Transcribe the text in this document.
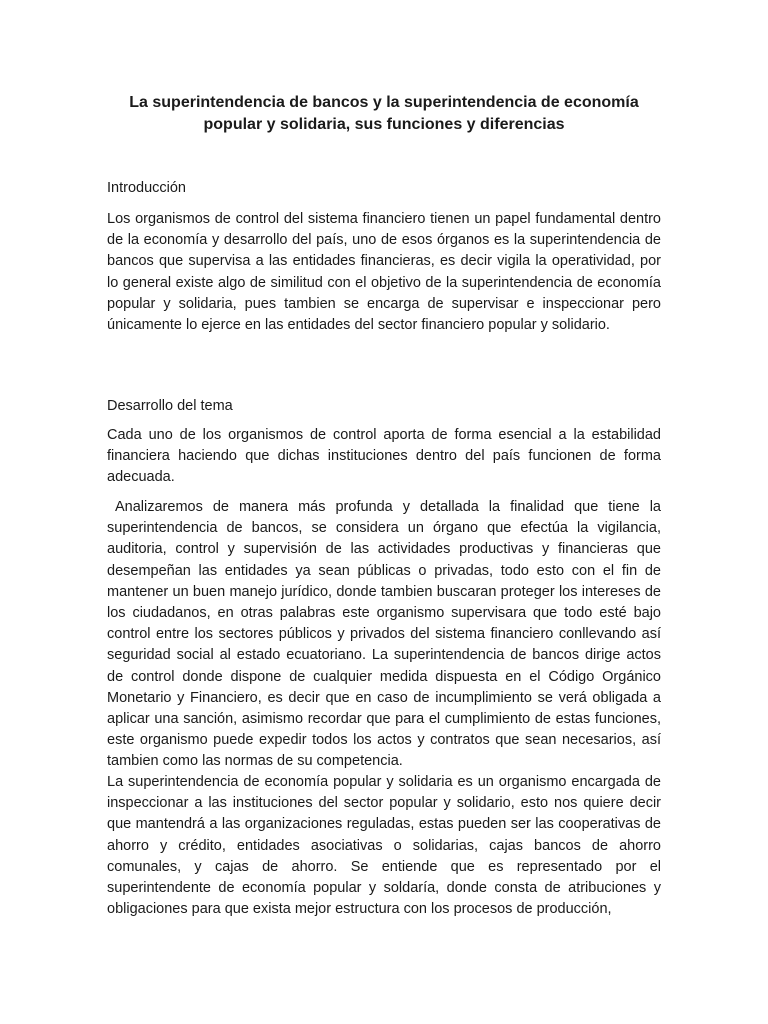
La superintendencia de bancos y la superintendencia de economía popular y solidaria, sus funciones y diferencias
Introducción

Los organismos de control del sistema financiero tienen un papel fundamental dentro de la economía y desarrollo del país, uno de esos órganos es la superintendencia de bancos que supervisa a las entidades financieras, es decir vigila la operatividad, por lo general existe algo de similitud con el objetivo de la superintendencia de economía popular y solidaria, pues tambien se encarga de supervisar e inspeccionar pero únicamente lo ejerce en las entidades del sector financiero popular y solidario.

Desarrollo del tema

Cada uno de los organismos de control aporta de forma esencial a la estabilidad financiera haciendo que dichas instituciones dentro del país funcionen de forma adecuada.

Analizaremos de manera más profunda y detallada la finalidad que tiene la superintendencia de bancos, se considera un órgano que efectúa la vigilancia, auditoria, control y supervisión de las actividades productivas y financieras que desempeñan las entidades ya sean públicas o privadas, todo esto con el fin de mantener un buen manejo jurídico, donde tambien buscaran proteger los intereses de los ciudadanos, en otras palabras este organismo supervisara que todo esté bajo control entre los sectores públicos y privados del sistema financiero conllevando así seguridad social al estado ecuatoriano. La superintendencia de bancos dirige actos de control donde dispone de cualquier medida dispuesta en el Código Orgánico Monetario y Financiero, es decir que en caso de incumplimiento se verá obligada a aplicar una sanción, asimismo recordar que para el cumplimiento de estas funciones, este organismo puede expedir todos los actos y contratos que sean necesarios, así tambien como las normas de su competencia.

La superintendencia de economía popular y solidaria es un organismo encargada de inspeccionar a las instituciones del sector popular y solidario, esto nos quiere decir que mantendrá a las organizaciones reguladas, estas pueden ser las cooperativas de ahorro y crédito, entidades asociativas o solidarias, cajas bancos de ahorro comunales, y cajas de ahorro. Se entiende que es representado por el superintendente de economía popular y soldaría, donde consta de atribuciones y obligaciones para que exista mejor estructura con los procesos de producción,
